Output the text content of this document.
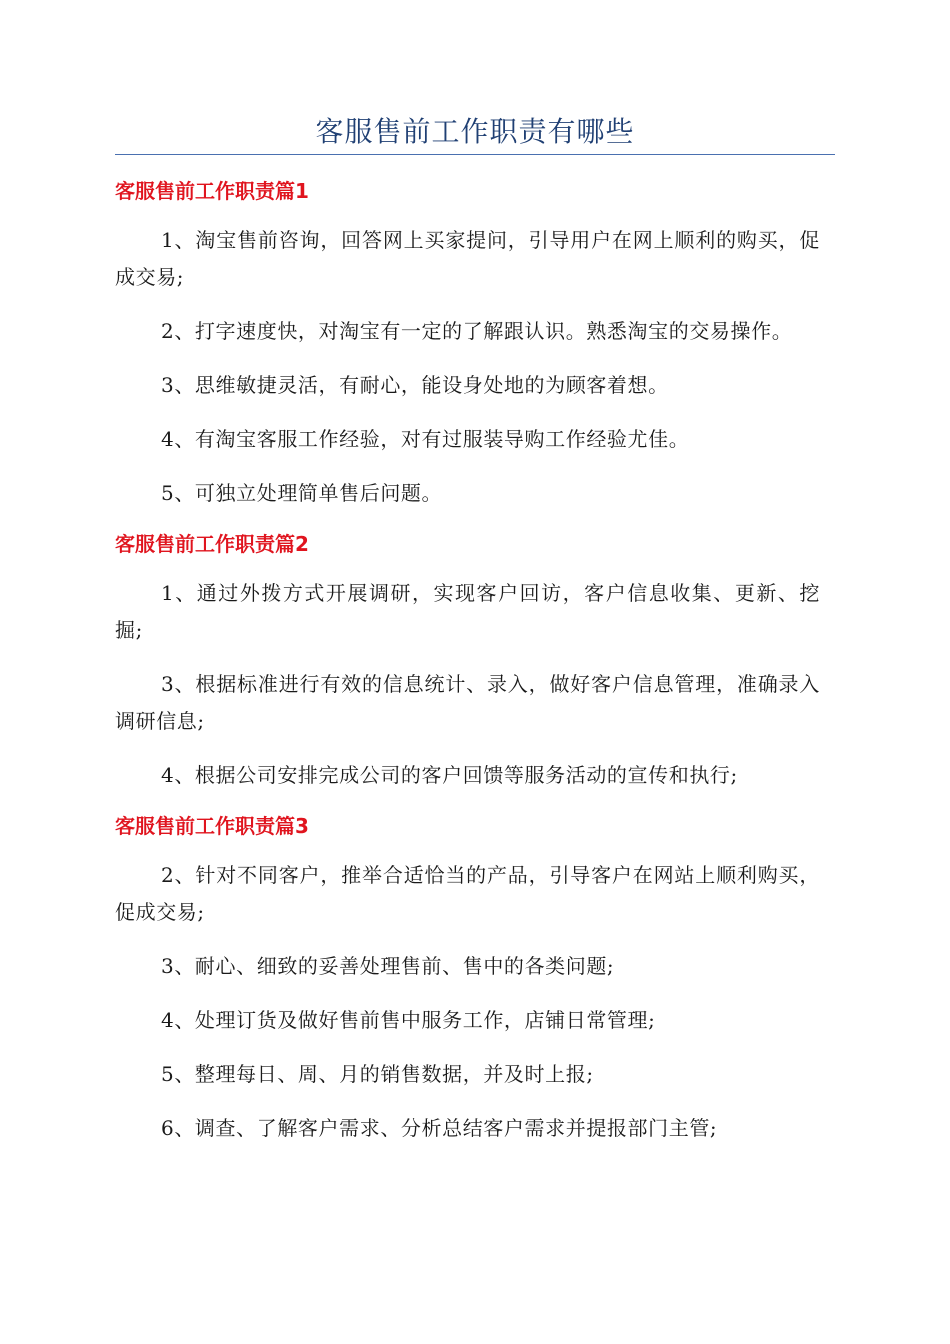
客服售前工作职责有哪些
客服售前工作职责篇1

1、淘宝售前咨询，回答网上买家提问，引导用户在网上顺利的购买，促成交易;

2、打字速度快，对淘宝有一定的了解跟认识。熟悉淘宝的交易操作。

3、思维敏捷灵活，有耐心，能设身处地的为顾客着想。

4、有淘宝客服工作经验，对有过服装导购工作经验尤佳。

5、可独立处理简单售后问题。

客服售前工作职责篇2

1、通过外拨方式开展调研，实现客户回访，客户信息收集、更新、挖掘;

3、根据标准进行有效的信息统计、录入，做好客户信息管理，准确录入调研信息;

4、根据公司安排完成公司的客户回馈等服务活动的宣传和执行;

客服售前工作职责篇3

2、针对不同客户，推举合适恰当的产品，引导客户在网站上顺利购买，促成交易;

3、耐心、细致的妥善处理售前、售中的各类问题;

4、处理订货及做好售前售中服务工作，店铺日常管理;

5、整理每日、周、月的销售数据，并及时上报;

6、调查、了解客户需求、分析总结客户需求并提报部门主管;
